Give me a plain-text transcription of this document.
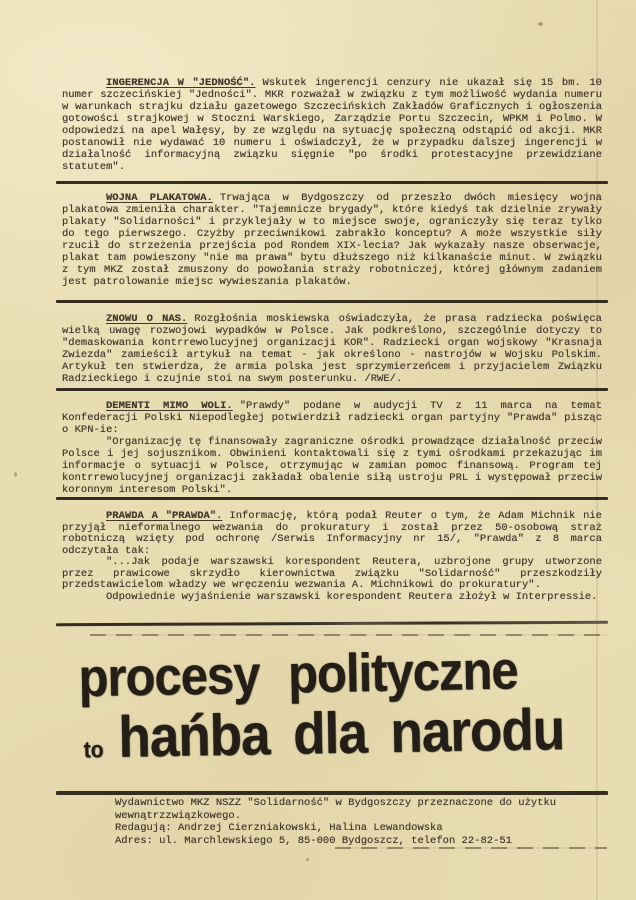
INGERENCJA W "JEDNOŚĆ". Wskutek ingerencji cenzury nie ukazał się 15 bm. 10 numer szczecińskiej "Jedności". MKR rozważał w związku z tym możliwość wydania numeru w warunkach strajku działu gazetowego Szczecińskich Zakładów Graficznych i ogłoszenia gotowości strajkowej w Stoczni Warskiego, Zarządzie Portu Szczecin, WPKM i Polmo. W odpowiedzi na apel Wałęsy, by ze względu na sytuację społeczną odstąpić od akcji. MKR postanowił nie wydawać 10 numeru i oświadczył, że w przypadku dalszej ingerencji w działalność informacyjną związku sięgnie "po środki protestacyjne przewidziane statutem".

WOJNA PLAKATOWA. Trwająca w Bydgoszczy od przeszło dwóch miesięcy wojna plakatowa zmieniła charakter. "Tajemnicze brygady", które kiedyś tak dzielnie zrywały plakaty "Solidarności" i przyklejały w to miejsce swoje, ograniczyły się teraz tylko do tego pierwszego. Czyżby przeciwnikowi zabrakło konceptu? A może wszystkie siły rzucił do strzeżenia przejścia pod Rondem XIX-lecia? Jak wykazały nasze obserwacje, plakat tam powieszony "nie ma prawa" bytu dłuższego niż kilkanaście minut. W związku z tym MKZ został zmuszony do powołania straży robotniczej, której głównym zadaniem jest patrolowanie miejsc wywieszania plakatów.

ZNOWU O NAS. Rozgłośnia moskiewska oświadczyła, że prasa radziecka poświęca wielką uwagę rozwojowi wypadków w Polsce. Jak podkreślono, szczególnie dotyczy to "demaskowania kontrrewolucyjnej organizacji KOR". Radziecki organ wojskowy "Krasnaja Zwiezda" zamieścił artykuł na temat - jak określono - nastrojów w Wojsku Polskim. Artykuł ten stwierdza, że armia polska jest sprzymierzeńcem i przyjacielem Związku Radzieckiego i czujnie stoi na swym posterunku. /RWE/.

DEMENTI MIMO WOLI. "Prawdy" podane w audycji TV z 11 marca na temat Konfederacji Polski Niepodległej potwierdził radziecki organ partyjny "Prawda" pisząc o KPN-ie:

"Organizację tę finansowały zagraniczne ośrodki prowadzące działalność przeciw Polsce i jej sojusznikom. Obwinieni kontaktowali się z tymi ośrodkami przekazując im informacje o sytuacji w Polsce, otrzymując w zamian pomoc finansową. Program tej kontrrewolucyjnej organizacji zakładał obalenie siłą ustroju PRL i występował przeciw koronnym interesom Polski".

PRAWDA A "PRAWDA". Informację, którą podał Reuter o tym, że Adam Michnik nie przyjął nieformalnego wezwania do prokuratury i został przez 50-osobową straż robotniczą wzięty pod ochronę /Serwis Informacyjny nr 15/, "Prawda" z 8 marca odczytała tak:

"...Jak podaje warszawski korespondent Reutera, uzbrojone grupy utworzone przez prawicowe skrzydło kierownictwa związku "Solidarność" przeszkodziły przedstawicielom władzy we wręczeniu wezwania A. Michnikowi do prokuratury".

Odpowiednie wyjaśnienie warszawski korespondent Reutera złożył w Interpressie.

procesy polityczne
to hańba dla narodu
Wydawnictwo MKZ NSZZ "Solidarność" w Bydgoszczy przeznaczone do użytku
wewnątrzzwiązkowego.
Redagują: Andrzej Cierzniakowski, Halina Lewandowska
Adres: ul. Marchlewskiego 5, 85-000 Bydgoszcz, telefon 22-82-51
